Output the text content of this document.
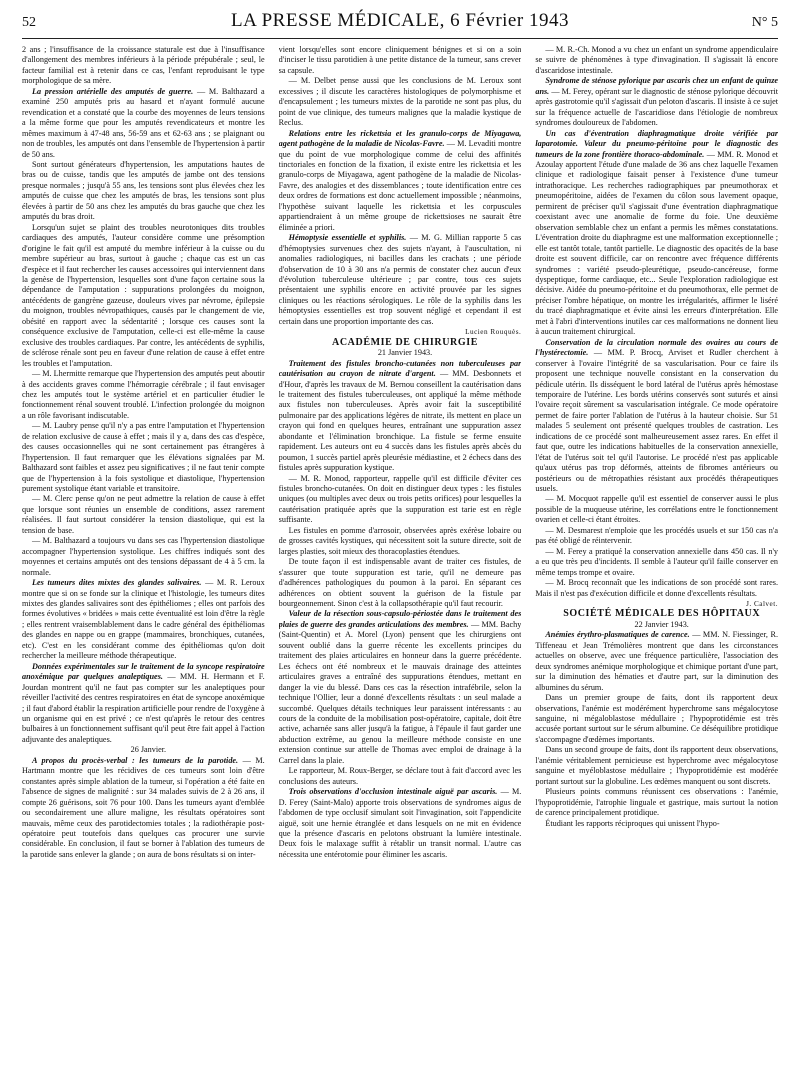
52	LA PRESSE MÉDICALE, 6 Février 1943	N° 5

2 ans ; l'insuffisance de la croissance staturale est due à l'insuffisance d'allongement des membres inférieurs à la période prépubérale ; seul, le facteur familial est à retenir dans ce cas, l'enfant reproduisant le type morphologique de sa mère.

La pression artérielle des amputés de guerre. — M. Balthazard a examiné 250 amputés pris au hasard et n'ayant formulé aucune revendication et a constaté que la courbe des moyennes de leurs tensions a la même forme que pour les amputés revendicateurs et montre les mêmes maximum à 47-48 ans, 56-59 ans et 62-63 ans ; se plaignant ou non de troubles, les amputés ont dans l'ensemble de l'hypertension à partir de 50 ans.

Sont surtout générateurs d'hypertension, les amputations hautes de bras ou de cuisse, tandis que les amputés de jambe ont des tensions presque normales ; jusqu'à 55 ans, les tensions sont plus élevées chez les amputés de cuisse que chez les amputés de bras, les tensions sont plus élevées à partir de 50 ans chez les amputés du bras gauche que chez les amputés du bras droit.

Lorsqu'un sujet se plaint des troubles neurotoniques dits troubles cardiaques des amputés, l'auteur considère comme une présomption d'origine le fait qu'il est amputé du membre inférieur à la cuisse ou du membre supérieur au bras, surtout à gauche ; chaque cas est un cas d'espèce et il faut rechercher les causes accessoires qui interviennent dans la genèse de l'hypertension, lesquelles sont d'une façon certaine sous la dépendance de l'amputation : suppurations prolongées du moignon, antécédents de gangrène gazeuse, douleurs vives par névrome, épilepsie du moignon, troubles névropathiques, causés par le changement de vie, obésité en rapport avec la sédentarité ; lorsque ces causes sont la conséquence exclusive de l'amputation, celle-ci est elle-même la cause exclusive des troubles cardiaques. Par contre, les antécédents de syphilis, de sclérose rénale sont peu en faveur d'une relation de cause à effet entre les troubles et l'amputation.

— M. Lhermitte remarque que l'hypertension des amputés peut aboutir à des accidents graves comme l'hémorragie cérébrale ; il faut envisager chez les amputés tout le système artériel et en particulier étudier le fonctionnement rénal souvent troublé. L'infection prolongée du moignon a un rôle favorisant indiscutable.

— M. Laubry pense qu'il n'y a pas entre l'amputation et l'hypertension de relation exclusive de cause à effet ; mais il y a, dans des cas d'espèce, des causes occasionnelles qui ne sont certainement pas étrangères à l'hypertension. Il faut remarquer que les élévations signalées par M. Balthazard sont faibles et assez peu significatives ; il ne faut tenir compte que de l'hypertension à la fois systolique et diastolique, l'hypertension purement systolique étant variable et transitoire.

— M. Clerc pense qu'on ne peut admettre la relation de cause à effet que lorsque sont réunies un ensemble de conditions, assez rarement réalisées. Il faut surtout considérer la tension diastolique, qui est la tension de base.

— M. Balthazard a toujours vu dans ses cas l'hypertension diastolique accompagner l'hypertension systolique. Les chiffres indiqués sont des moyennes et certains amputés ont des tensions dépassant de 4 à 5 cm. la normale.

Les tumeurs dites mixtes des glandes salivaires. — M. R. Leroux montre que si on se fonde sur la clinique et l'histologie, les tumeurs dites mixtes des glandes salivaires sont des épithéliomes ; elles ont parfois des formes évolutives « bridées » mais cette éventualité est loin d'être la règle ; elles rentrent vraisemblablement dans le cadre général des épithéliomas des glandes en nappe ou en grappe (mammaires, bronchiques, cutanées, etc). C'est en les considérant comme des épithéliomas qu'on doit rechercher la meilleure méthode thérapeutique.

Données expérimentales sur le traitement de la syncope respiratoire anoxémique par quelques analeptiques. — MM. H. Hermann et F. Jourdan montrent qu'il ne faut pas compter sur les analeptiques pour réveiller l'activité des centres respiratoires en état de syncope anoxémique ; il faut d'abord établir la respiration artificielle pour rendre de l'oxygène à un organisme qui en est privé ; ce n'est qu'après le retour des centres bulbaires à un fonctionnement suffisant qu'il peut être fait appel à l'action adjuvante des analeptiques.

26 Janvier.

A propos du procès-verbal : les tumeurs de la parotide. — M. Hartmann montre que les récidives de ces tumeurs sont loin d'être constantes après simple ablation de la tumeur, si l'opération a été faite en l'absence de signes de malignité : sur 34 malades suivis de 2 à 26 ans, il compte 26 guérisons, soit 76 pour 100. Dans les tumeurs ayant d'emblée ou secondairement une allure maligne, les résultats opératoires sont mauvais, même ceux des parotidectomies totales ; la radiothérapie post-opératoire peut toutefois dans quelques cas procurer une survie considérable. En conclusion, il faut se borner à l'ablation des tumeurs de la parotide sans enlever la glande ; on aura de bons résultats si on inter-

vient lorsqu'elles sont encore cliniquement bénignes et si on a soin d'inciser le tissu parotidien à une petite distance de la tumeur, sans crever sa capsule.

— M. Delbet pense aussi que les conclusions de M. Leroux sont excessives ; il discute les caractères histologiques de polymorphisme et d'encapsulement ; les tumeurs mixtes de la parotide ne sont pas plus, du point de vue clinique, des tumeurs malignes que la maladie kystique de Reclus.

Relations entre les rickettsia et les granulo-corps de Miyagawa, agent pathogène de la maladie de Nicolas-Favre. — M. Levaditi montre que du point de vue morphologique comme de celui des affinités tinctoriales en fonction de la fixation, il existe entre les rickettsia et les granulo-corps de Miyagawa, agent pathogène de la maladie de Nicolas-Favre, des analogies et des dissemblances ; toute identification entre ces deux ordres de formations est donc actuellement impossible ; néanmoins, l'hypothèse suivant laquelle les rickettsia et les corpuscules appartiendraient à un même groupe de rickettsioses ne saurait être éliminée a priori.

Hémoptysie essentielle et syphilis. — M. G. Millian rapporte 5 cas d'hémoptysies survenues chez des sujets n'ayant, à l'auscultation, ni anomalies radiologiques, ni bacilles dans les crachats ; une période d'observation de 10 à 30 ans n'a permis de constater chez aucun d'eux d'évolution tuberculeuse ultérieure ; par contre, tous ces sujets présentaient une syphilis encore en activité prouvée par les signes cliniques ou les réactions sérologiques. Le rôle de la syphilis dans les hémoptysies essentielles est trop souvent négligé et cependant il est certain dans une proportion importante des cas.

Lucien Rouquès.

ACADÉMIE DE CHIRURGIE

21 Janvier 1943.

Traitement des fistules broncho-cutanées non tuberculeuses par cautérisation au crayon de nitrate d'argent. — MM. Desbonnets et d'Hour, d'après les travaux de M. Bernou conseillent la cautérisation dans le traitement des fistules tuberculeuses, ont appliqué la même méthode aux fistules non tuberculeuses. Après avoir fait la susceptibilité pulmonaire par des applications légères de nitrate, ils mettent en place un crayon qui fond en quelques heures, entraînant une suppuration assez abondante et l'élimination bronchique. La fistule se ferme ensuite rapidement. Les auteurs ont eu 4 succès dans les fistules après abcès du poumon, 1 succès partiel après pleurésie médiastine, et 2 échecs dans des fistules après suppuration kystique.

— M. R. Monod, rapporteur, rappelle qu'il est difficile d'éviter ces fistules broncho-cutanées. On doit en distinguer deux types : les fistules uniques (ou multiples avec deux ou trois petits orifices) pour lesquelles la cautérisation pratiquée après que la suppuration est tarie est en règle suffisante.

Les fistules en pomme d'arrosoir, observées après exérèse lobaire ou de grosses cavités kystiques, qui nécessitent soit la suture directe, soit de larges plasties, soit mieux des thoracoplasties étendues.

De toute façon il est indispensable avant de traiter ces fistules, de s'assurer que toute suppuration est tarie, qu'il ne demeure pas d'adhérences pathologiques du poumon à la paroi. En séparant ces adhérences on obtient souvent la guérison de la fistule par bourgeonnement. Sinon c'est à la collapsothérapie qu'il faut recourir.

Valeur de la résection sous-capsulo-périostée dans le traitement des plaies de guerre des grandes articulations des membres. — MM. Bachy (Saint-Quentin) et A. Morel (Lyon) pensent que les chirurgiens ont souvent oublié dans la guerre récente les excellents principes du traitement des plaies articulaires en honneur dans la guerre précédente. Les échecs ont été nombreux et le mauvais drainage des atteintes articulaires graves a entraîné des suppurations étendues, mettant en danger la vie du blessé. Dans ces cas la résection intrafébrile, selon la technique l'Ollier, leur a donné d'excellents résultats : un seul malade a succombé. Quelques détails techniques leur paraissent intéressants : au cours de la conduite de la mobilisation post-opératoire, capitale, doit être active, acharnée sans aller jusqu'à la fatigue, à l'épaule il faut garder une abduction extrême, au genou la meilleure méthode consiste en une extension continue sur attelle de Thomas avec emploi de drainage à la Carrel dans la plaie.

Le rapporteur, M. Roux-Berger, se déclare tout à fait d'accord avec les conclusions des auteurs.

Trois observations d'occlusion intestinale aiguë par ascaris. — M. D. Ferey (Saint-Malo) apporte trois observations de syndromes aigus de l'abdomen de type occlusif simulant soit l'invagination, soit l'appendicite aiguë, soit une hernie étranglée et dans lesquels on ne mit en évidence que la présence d'ascaris en pelotons obstruant la lumière intestinale. Deux fois le malaxage suffit à rétablir un transit normal. L'autre cas nécessita une entérotomie pour éliminer les ascaris.

— M. R.-Ch. Monod a vu chez un enfant un syndrome appendiculaire se suivre de phénomènes à type d'invagination. Il s'agissait là encore d'ascaridose intestinale.

Syndrome de sténose pylorique par ascaris chez un enfant de quinze ans. — M. Ferey, opérant sur le diagnostic de sténose pylorique découvrit après gastrotomie qu'il s'agissait d'un peloton d'ascaris. Il insiste à ce sujet sur la fréquence actuelle de l'ascaridiose dans l'étiologie de nombreux syndromes douloureux de l'abdomen.

Un cas d'éventration diaphragmatique droite vérifiée par laparotomie. Valeur du pneumo-péritoine pour le diagnostic des tumeurs de la zone frontière thoraco-abdominale. — MM. R. Monod et Azoulay apportent l'étude d'une malade de 36 ans chez laquelle l'examen clinique et radiologique faisait penser à l'existence d'une tumeur intrathoracique. Les recherches radiographiques par pneumothorax et pneumopéritoine, aidées de l'examen du côlon sous lavement opaque, permirent de préciser qu'il s'agissait d'une éventration diaphragmatique coexistant avec une anomalie de forme du foie. Une deuxième observation semblable chez un enfant a permis les mêmes constatations. L'éventration droite du diaphragme est une malformation exceptionnelle ; elle est tantôt totale, tantôt partielle. Le diagnostic des opacités de la base droite est souvent difficile, car on rencontre avec fréquence différents syndromes : variété pseudo-pleurétique, pseudo-cancéreuse, forme dyspeptique, forme cardiaque, etc... Seule l'exploration radiologique est décisive. Aidée du pneumo-péritoine et du pneumothorax, elle permet de préciser l'ombre hépatique, on montre les irrégularités, affirmer le liséré du tracé diaphragmatique et évite ainsi les erreurs d'interprétation. Elle met à l'abri d'interventions inutiles car ces malformations ne donnent lieu à aucun traitement chirurgical.

Conservation de la circulation normale des ovaires au cours de l'hystérectomie. — MM. P. Brocq, Arviset et Rudler cherchent à conserver à l'ovaire l'intégrité de sa vascularisation. Pour ce faire ils proposent une technique nouvelle consistant en la conservation du pédicule utérin. Ils disséquent le bord latéral de l'utérus après hémostase temporaire de l'utérine. Les bords utérins conservés sont suturés et ainsi l'ovaire reçoit sûrement sa vascularisation intégrale. Ce mode opératoire permet de faire porter l'ablation de l'utérus à la hauteur choisie. Sur 51 malades 5 seulement ont présenté quelques troubles de castration. Les indications de ce procédé sont malheureusement assez rares. En effet il faut que, outre les indications habituelles de la conservation annexielle, l'état de l'utérus soit tel qu'il l'autorise. Le procédé n'est pas applicable qu'aux utérus pas trop déformés, atteints de fibromes antérieurs ou postérieurs ou de métropathies résistant aux procédés thérapeutiques usuels.

— M. Mocquot rappelle qu'il est essentiel de conserver aussi le plus possible de la muqueuse utérine, les corrélations entre le fonctionnement ovarien et celle-ci étant étroites.

— M. Desmarest n'emploie que les procédés usuels et sur 150 cas n'a pas été obligé de réintervenir.

— M. Ferey a pratiqué la conservation annexielle dans 450 cas. Il n'y a eu que très peu d'incidents. Il semble à l'auteur qu'il faille conserver en même temps trompe et ovaire.

— M. Brocq reconnaît que les indications de son procédé sont rares. Mais il n'est pas d'exécution difficile et donne d'excellents résultats.

J. Calvet.

SOCIÉTÉ MÉDICALE DES HÔPITAUX

22 Janvier 1943.

Anémies érythro-plasmatiques de carence. — MM. N. Fiessinger, R. Tiffeneau et Jean Trémolières montrent que dans les circonstances actuelles on observe, avec une fréquence particulière, l'association des deux syndromes anémique morphologique et chimique portant d'une part, sur la diminution des hématies et d'autre part, sur la diminution des albumines du sérum.

Dans un premier groupe de faits, dont ils rapportent deux observations, l'anémie est modérément hyperchrome sans mégalocytose sanguine, ni mégaloblastose médullaire ; l'hypoprotidémie est très accusée portant surtout sur le sérum albumine. Ce déséquilibre protidique s'accompagne d'œdèmes importants.

Dans un second groupe de faits, dont ils rapportent deux observations, l'anémie véritablement pernicieuse est hyperchrome avec mégalocytose sanguine et myéloblastose médullaire ; l'hypoprotidémie est modérée portant surtout sur la globuline. Les œdèmes manquent ou sont discrets.

Plusieurs points communs réunissent ces observations : l'anémie, l'hypoprotidémie, l'atrophie linguale et gastrique, mais surtout la notion de carence principalement protidique.

Étudiant les rapports réciproques qui unissent l'hypo-
